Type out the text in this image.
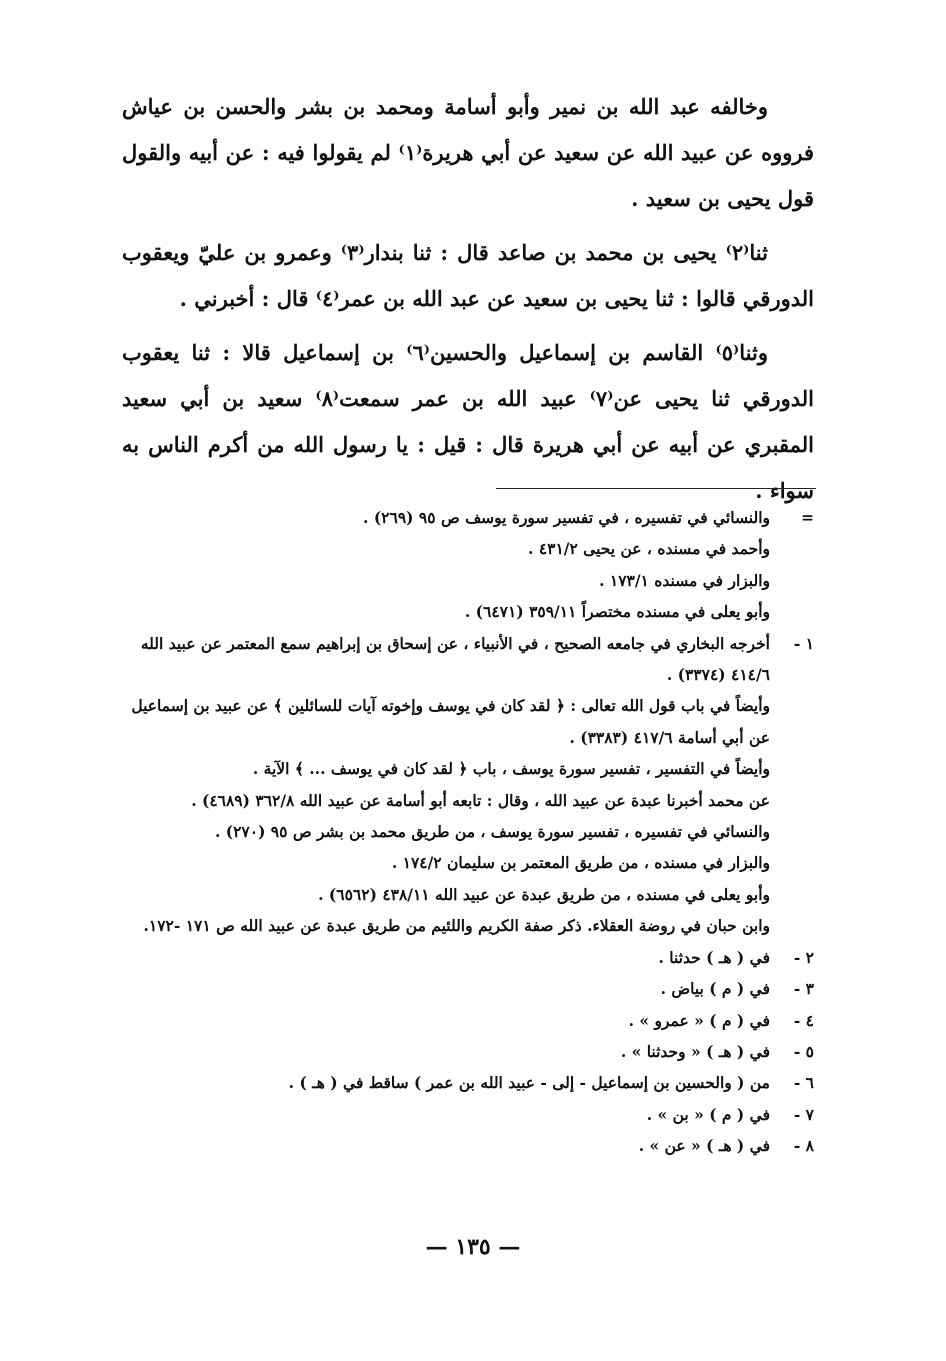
وخالفه عبد الله بن نمير وأبو أسامة ومحمد بن بشر والحسن بن عياش فرووه عن عبيد الله عن سعيد عن أبي هريرة⁽١⁾ لم يقولوا فيه : عن أبيه والقول قول يحيى بن سعيد .

ثنا⁽٢⁾ يحيى بن محمد بن صاعد قال : ثنا بندار⁽٣⁾ وعمرو بن عليّ ويعقوب الدورقي قالوا : ثنا يحيى بن سعيد عن عبد الله بن عمر⁽٤⁾ قال : أخبرني .

وثنا⁽٥⁾ القاسم بن إسماعيل والحسين⁽٦⁾ بن إسماعيل قالا : ثنا يعقوب الدورقي ثنا يحيى عن⁽٧⁾ عبيد الله بن عمر سمعت⁽٨⁾ سعيد بن أبي سعيد المقبري عن أبيه عن أبي هريرة قال : قيل : يا رسول الله من أكرم الناس به سواء .

=
والنسائي في تفسيره ، في تفسير سورة يوسف ص ٩٥ (٢٦٩) .
وأحمد في مسنده ، عن يحيى ٤٣١/٢ .
والبزار في مسنده ١٧٣/١ .
وأبو يعلى في مسنده مختصراً ٣٥٩/١١ (٦٤٧١) .
١ -
أخرجه البخاري في جامعه الصحيح ، في الأنبياء ، عن إسحاق بن إبراهيم سمع المعتمر عن عبيد الله
٤١٤/٦ (٣٣٧٤) .
وأيضاً في باب قول الله تعالى : ﴿ لقد كان في يوسف وإخوته آيات للسائلين ﴾ عن عبيد بن إسماعيل
عن أبي أسامة ٤١٧/٦ (٣٣٨٣) .
وأيضاً في التفسير ، تفسير سورة يوسف ، باب ﴿ لقد كان في يوسف ... ﴾ الآية .
عن محمد أخبرنا عبدة عن عبيد الله ، وقال : تابعه أبو أسامة عن عبيد الله ٣٦٢/٨ (٤٦٨٩) .
والنسائي في تفسيره ، تفسير سورة يوسف ، من طريق محمد بن بشر ص ٩٥ (٢٧٠) .
والبزار في مسنده ، من طريق المعتمر بن سليمان ١٧٤/٢ .
وأبو يعلى في مسنده ، من طريق عبدة عن عبيد الله ٤٣٨/١١ (٦٥٦٢) .
وابن حبان في روضة العقلاء. ذكر صفة الكريم واللئيم من طريق عبدة عن عبيد الله ص ١٧١ -١٧٢.
٢ -
في ( هـ ) حدثنا .
٣ -
في ( م ) بياض .
٤ -
في ( م ) « عمرو » .
٥ -
في ( هـ ) « وحدثنا » .
٦ -
من ( والحسين بن إسماعيل - إلى - عبيد الله بن عمر ) ساقط في ( هـ ) .
٧ -
في ( م ) « بن » .
٨ -
في ( هـ ) « عن » .
— ١٣٥ —
